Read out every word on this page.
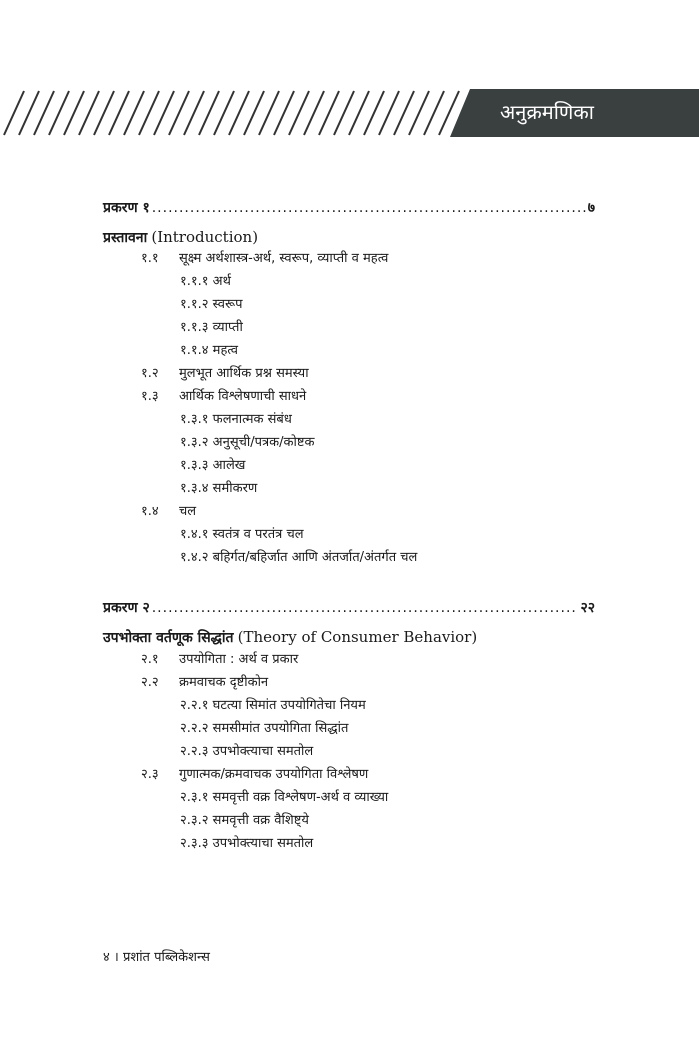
अनुक्रमणिका
प्रकरण १ .....	७
प्रस्तावना (Introduction)
१.१ सूक्ष्म अर्थशास्त्र-अर्थ, स्वरूप, व्याप्ती व महत्व
१.१.१ अर्थ
१.१.२ स्वरूप
१.१.३ व्याप्ती
१.१.४ महत्व
१.२ मुलभूत आर्थिक प्रश्न समस्या
१.३ आर्थिक विश्लेषणाची साधने
१.३.१ फलनात्मक संबंध
१.३.२ अनुसूची/पत्रक/कोष्टक
१.३.३ आलेख
१.३.४ समीकरण
१.४ चल
१.४.१ स्वतंत्र व परतंत्र चल
१.४.२ बहिर्गत/बहिर्जात आणि अंतर्जात/अंतर्गत चल
प्रकरण २ .....	२२
उपभोक्ता वर्तणूक सिद्धांत (Theory of Consumer Behavior)
२.१ उपयोगिता : अर्थ व प्रकार
२.२ क्रमवाचक दृष्टीकोन
२.२.१ घटत्या सिमांत उपयोगितेचा नियम
२.२.२ समसीमांत उपयोगिता सिद्धांत
२.२.३ उपभोक्त्याचा समतोल
२.३ गुणात्मक/क्रमवाचक उपयोगिता विश्लेषण
२.३.१ समवृत्ती वक्र विश्लेषण-अर्थ व व्याख्या
२.३.२ समवृत्ती वक्र वैशिष्ट्ये
२.३.३ उपभोक्त्याचा समतोल
४ । प्रशांत पब्लिकेशन्स
